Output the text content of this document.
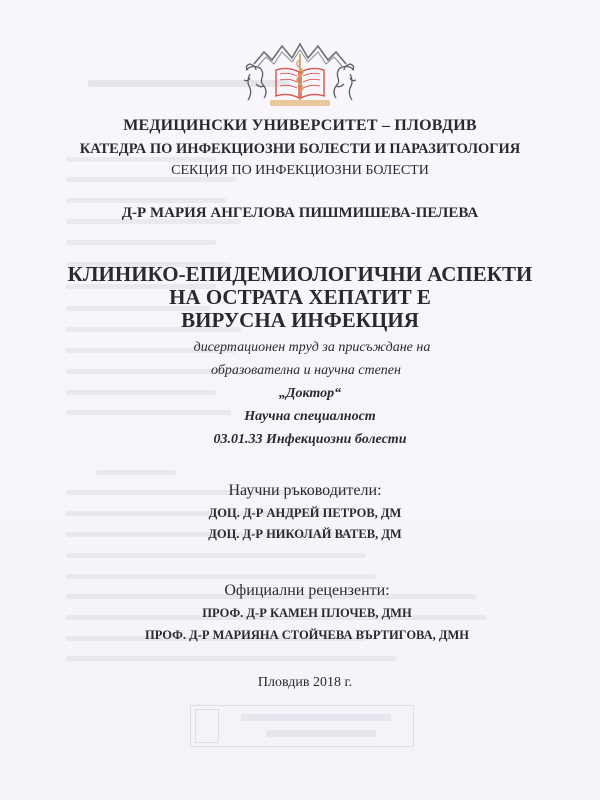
МЕДИЦИНСКИ УНИВЕРСИТЕТ – ПЛОВДИВ
КАТЕДРА ПО ИНФЕКЦИОЗНИ БОЛЕСТИ И ПАРАЗИТОЛОГИЯ
СЕКЦИЯ ПО ИНФЕКЦИОЗНИ БОЛЕСТИ
Д-Р МАРИЯ АНГЕЛОВА ПИШМИШЕВА-ПЕЛЕВА
КЛИНИКО-ЕПИДЕМИОЛОГИЧНИ АСПЕКТИ
НА ОСТРАТА ХЕПАТИТ Е
ВИРУСНА ИНФЕКЦИЯ
дисертационен труд за присъждане на
образователна и научна степен
„Доктор“
Научна специалност
03.01.33 Инфекциозни болести
Научни ръководители:
ДОЦ. Д-Р АНДРЕЙ ПЕТРОВ, ДМ
ДОЦ. Д-Р НИКОЛАЙ ВАТЕВ, ДМ
Официални рецензенти:
ПРОФ. Д-Р КАМЕН ПЛОЧЕВ, ДМН
ПРОФ. Д-Р МАРИЯНА СТОЙЧЕВА ВЪРТИГОВА, ДМН
Пловдив 2018 г.
